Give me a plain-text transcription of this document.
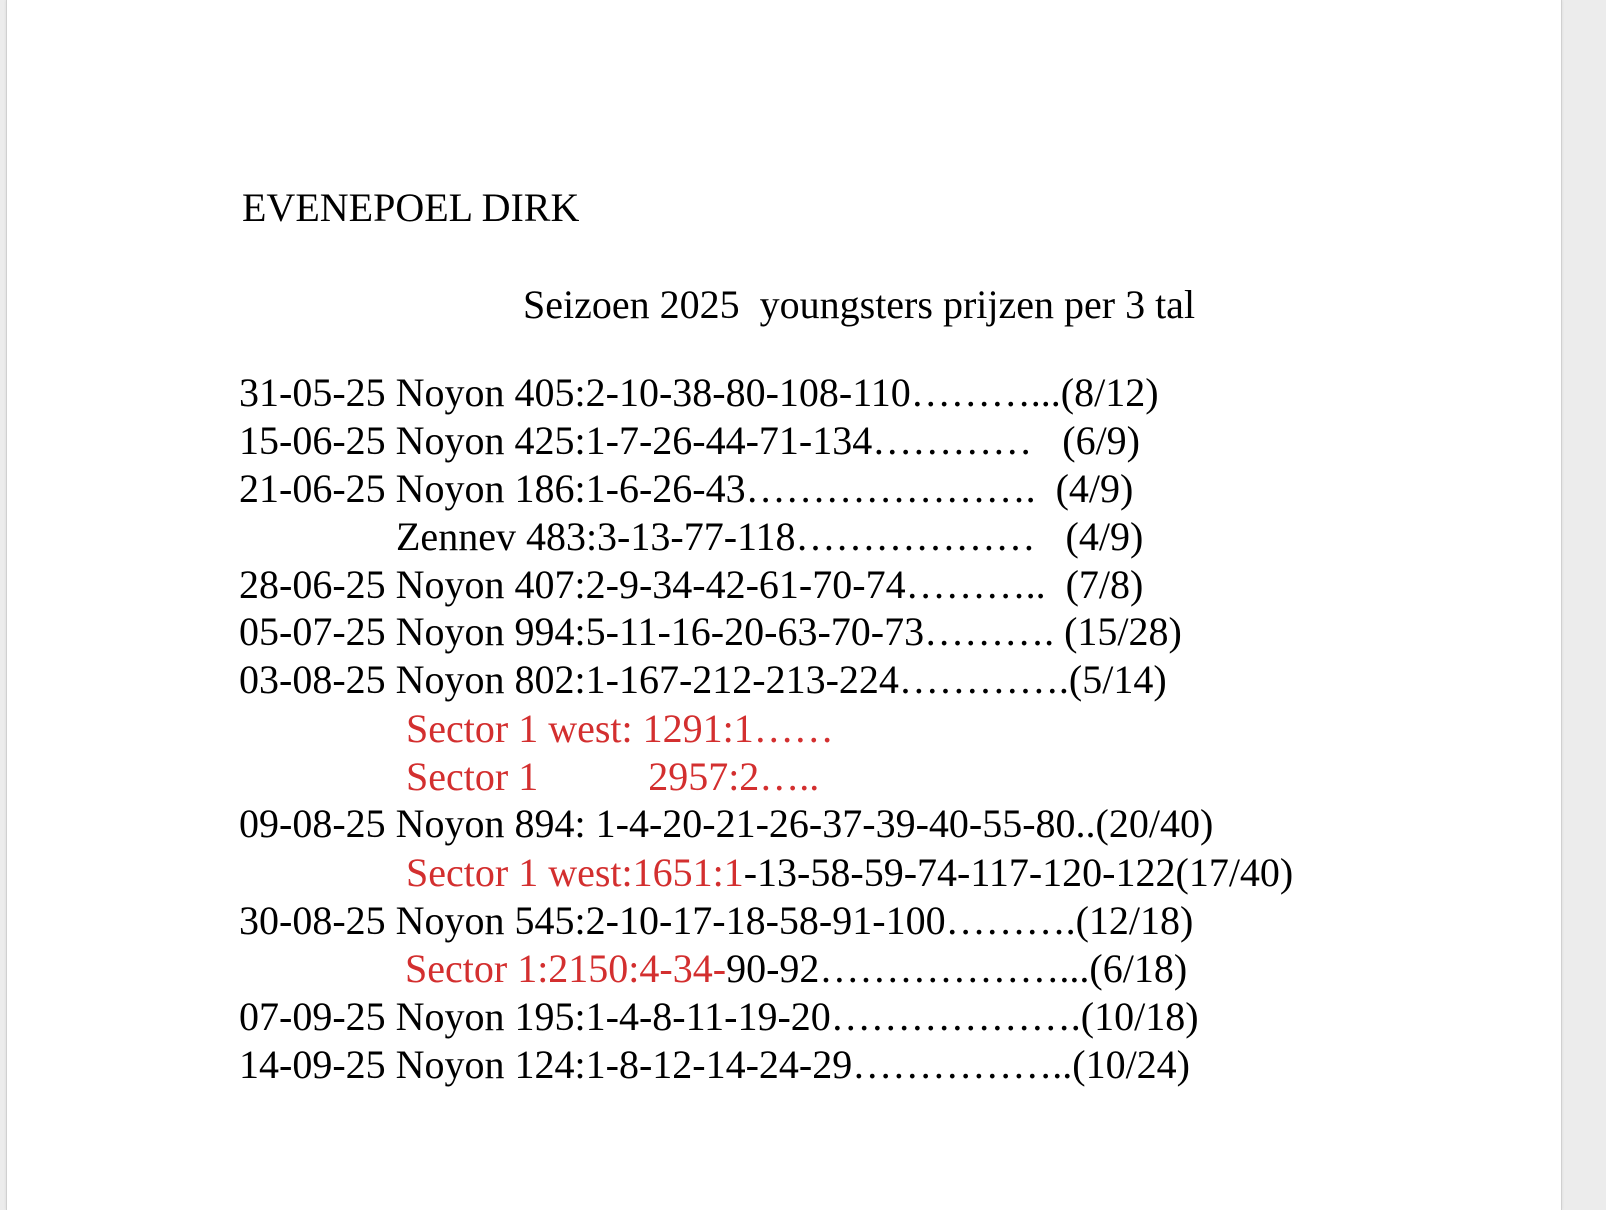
EVENEPOEL DIRK
Seizoen 2025  youngsters prijzen per 3 tal

31-05-25 Noyon 405:2-10-38-80-108-110………...(8/12)

15-06-25 Noyon 425:1-7-26-44-71-134…………   (6/9)

21-06-25 Noyon 186:1-6-26-43………………….  (4/9)

Zennev 483:3-13-77-118………………   (4/9)

28-06-25 Noyon 407:2-9-34-42-61-70-74………..  (7/8)

05-07-25 Noyon 994:5-11-16-20-63-70-73………. (15/28)

03-08-25 Noyon 802:1-167-212-213-224………….(5/14)

Sector 1 west: 1291:1……

Sector 1           2957:2…..

09-08-25 Noyon 894: 1-4-20-21-26-37-39-40-55-80..(20/40)

Sector 1 west:1651:1-13-58-59-74-117-120-122(17/40)

30-08-25 Noyon 545:2-10-17-18-58-91-100……….(12/18)

Sector 1:2150:4-34-90-92………………...(6/18)

07-09-25 Noyon 195:1-4-8-11-19-20……………….(10/18)

14-09-25 Noyon 124:1-8-12-14-24-29……………..(10/24)
